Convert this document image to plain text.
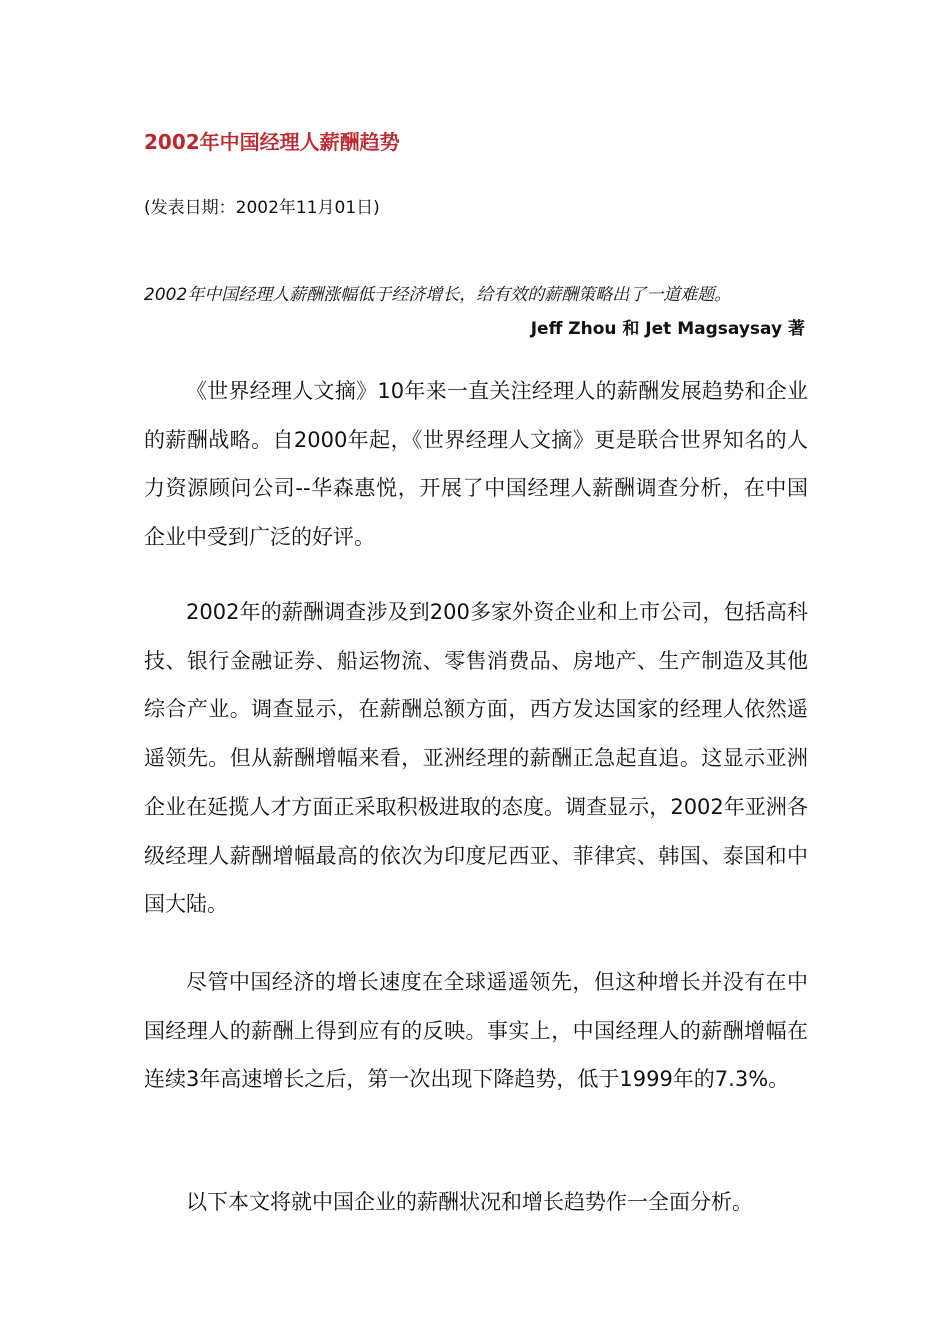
2002年中国经理人薪酬趋势
(发表日期：2002年11月01日)
2002年中国经理人薪酬涨幅低于经济增长，给有效的薪酬策略出了一道难题。
Jeff Zhou 和 Jet Magsaysay 著

《世界经理人文摘》10年来一直关注经理人的薪酬发展趋势和企业的薪酬战略。自2000年起，《世界经理人文摘》更是联合世界知名的人力资源顾问公司--华森惠悦，开展了中国经理人薪酬调查分析，在中国企业中受到广泛的好评。

2002年的薪酬调查涉及到200多家外资企业和上市公司，包括高科技、银行金融证券、船运物流、零售消费品、房地产、生产制造及其他综合产业。调查显示，在薪酬总额方面，西方发达国家的经理人依然遥遥领先。但从薪酬增幅来看，亚洲经理的薪酬正急起直追。这显示亚洲企业在延揽人才方面正采取积极进取的态度。调查显示，2002年亚洲各级经理人薪酬增幅最高的依次为印度尼西亚、菲律宾、韩国、泰国和中国大陆。

尽管中国经济的增长速度在全球遥遥领先，但这种增长并没有在中国经理人的薪酬上得到应有的反映。事实上，中国经理人的薪酬增幅在连续3年高速增长之后，第一次出现下降趋势，低于1999年的7.3%。

以下本文将就中国企业的薪酬状况和增长趋势作一全面分析。
